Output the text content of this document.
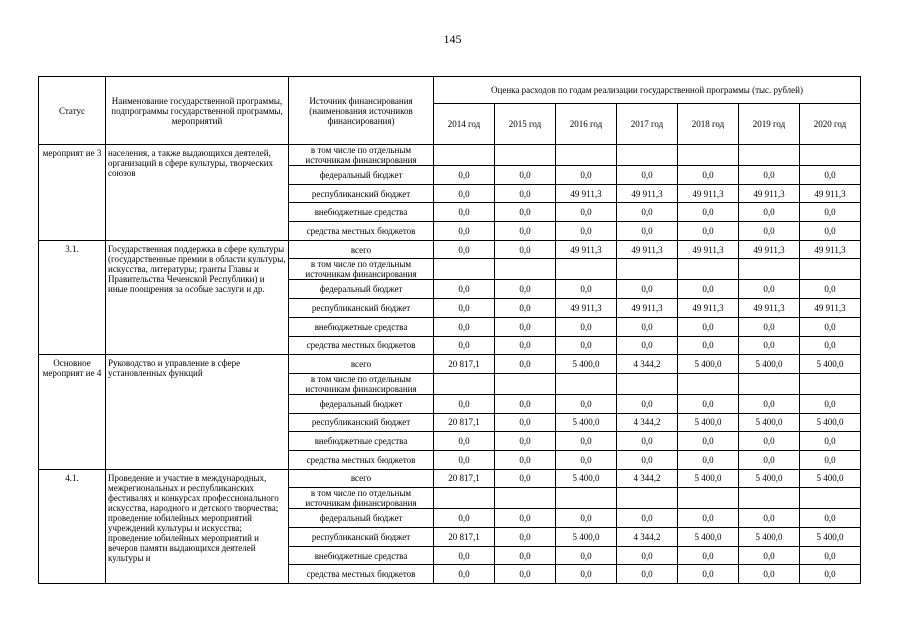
145
Статус	Наименование государственной программы, подпрограммы государственной программы, мероприятий	Источник финансирования (наименования источников финансирования)	Оценка расходов по годам реализации государственной программы (тыс. рублей)						
			2014 год	2015 год	2016 год	2017 год	2018 год	2019 год	2020 год
мероприят ие 3	населения, а также выдающихся деятелей, организаций в сфере культуры, творческих союзов	в том числе по отдельным источникам финансирования							
		федеральный бюджет	0,0	0,0	0,0	0,0	0,0	0,0	0,0
		республиканский бюджет	0,0	0,0	49 911,3	49 911,3	49 911,3	49 911,3	49 911,3
		внебюджетные средства	0,0	0,0	0,0	0,0	0,0	0,0	0,0
		средства местных бюджетов	0,0	0,0	0,0	0,0	0,0	0,0	0,0
3.1.	Государственная поддержка в сфере культуры (государственные премии в области культуры, искусства, литературы; гранты Главы и Правительства Чеченской Республики) и иные поощрения за особые заслуги и др.	всего	0,0	0,0	49 911,3	49 911,3	49 911,3	49 911,3	49 911,3
		в том числе по отдельным источникам финансирования							
		федеральный бюджет	0,0	0,0	0,0	0,0	0,0	0,0	0,0
		республиканский бюджет	0,0	0,0	49 911,3	49 911,3	49 911,3	49 911,3	49 911,3
		внебюджетные средства	0,0	0,0	0,0	0,0	0,0	0,0	0,0
		средства местных бюджетов	0,0	0,0	0,0	0,0	0,0	0,0	0,0
Основное мероприят ие 4	Руководство и управление в сфере установленных функций	всего	20 817,1	0,0	5 400,0	4 344,2	5 400,0	5 400,0	5 400,0
		в том числе по отдельным источникам финансирования							
		федеральный бюджет	0,0	0,0	0,0	0,0	0,0	0,0	0,0
		республиканский бюджет	20 817,1	0,0	5 400,0	4 344,2	5 400,0	5 400,0	5 400,0
		внебюджетные средства	0,0	0,0	0,0	0,0	0,0	0,0	0,0
		средства местных бюджетов	0,0	0,0	0,0	0,0	0,0	0,0	0,0
4.1.	Проведение и участие в международных, межрегиональных и республиканских фестивалях и конкурсах профессионального искусства, народного и детского творчества; проведение юбилейных мероприятий учреждений культуры и искусства; проведение юбилейных мероприятий и вечеров памяти выдающихся деятелей культуры и	всего	20 817,1	0,0	5 400,0	4 344,2	5 400,0	5 400,0	5 400,0
		в том числе по отдельным источникам финансирования							
		федеральный бюджет	0,0	0,0	0,0	0,0	0,0	0,0	0,0
		республиканский бюджет	20 817,1	0,0	5 400,0	4 344,2	5 400,0	5 400,0	5 400,0
		внебюджетные средства	0,0	0,0	0,0	0,0	0,0	0,0	0,0
		средства местных бюджетов	0,0	0,0	0,0	0,0	0,0	0,0	0,0
